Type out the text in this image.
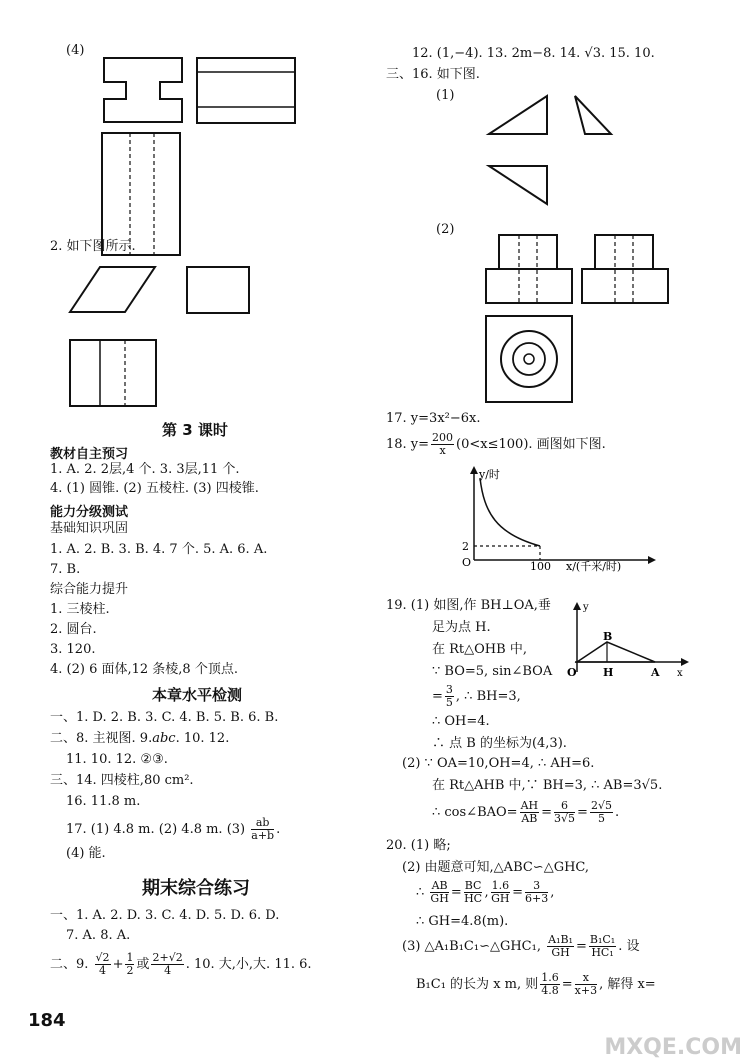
(4)
2. 如下图所示.
第 3 课时
教材自主预习
1. A. 2. 2层,4 个. 3. 3层,11 个.
4. (1) 圆锥. (2) 五棱柱. (3) 四棱锥.
能力分级测试
基础知识巩固
1. A. 2. B. 3. B. 4. 7 个. 5. A. 6. A.
7. B.
综合能力提升
1. 三棱柱.
2. 圆台.
3. 120.
4. (2) 6 面体,12 条棱,8 个顶点.
本章水平检测
一、1. D. 2. B. 3. C. 4. B. 5. B. 6. B.
二、8. 主视图. 9.abc. 10. 12.
11. 10. 12. ②③.
三、14. 四棱柱,80 cm².
16. 11.8 m.
17. (1) 4.8 m. (2) 4.8 m. $(3) \frac{ab}{a+b}$ .
(4) 能.
期末综合练习
一、1. A. 2. D. 3. C. 4. D. 5. D. 6. D.
7. A. 8. A.
二、9. $\frac{√2}{4} + \frac{1}{2}$ 或 $\frac{2+√2}{4}$ . 10. 大,小,大. 11. 6.
184
12. (1,−4). 13. 2m−8. 14. √3. 15. 10.
三、16. 如下图.
(1)
(2)
17. y=3x²−6x.
18. $y= \frac{200}{x} (0<x\le 100)$. 画图如下图.
y/时
O
2
100 x/(千米/时)
19. (1) 如图,作 BH⊥OA,垂
足为点 H.
在 Rt△OHB 中,
∵ BO=5, sin∠BOA
= $\frac{3}{5}$ , ∴ BH=3,
∴ OH=4.
∴ 点 B 的坐标为(4,3).
y
B
O H	A x
(2) ∵ OA=10,OH=4, ∴ AH=6.
在 Rt△AHB 中,∵ BH=3, ∴ AB=3√5.
∴ cos∠BAO= $\frac{AH}{AB} = \frac{6}{3√5} = \frac{2√5}{5}$ .
20. (1) 略;
(2) 由题意可知,△ABC∽△GHC,
∴ $\frac{AB}{GH} = \frac{BC}{HC}$ , $\frac{1.6}{GH} = \frac{3}{6+3}$ ,
∴ GH=4.8(m).
(3) △A₁B₁C₁∽△GHC₁, $\frac{\text{A₁B₁}}{GH} = \frac{\text{B₁C₁}}{\text{HC₁}}$ . 设
B₁C₁ 的长为 x m, 则 $\frac{1.6}{4.8} = \frac{x}{x+3}$ , 解得 x=
MXQE.COM
